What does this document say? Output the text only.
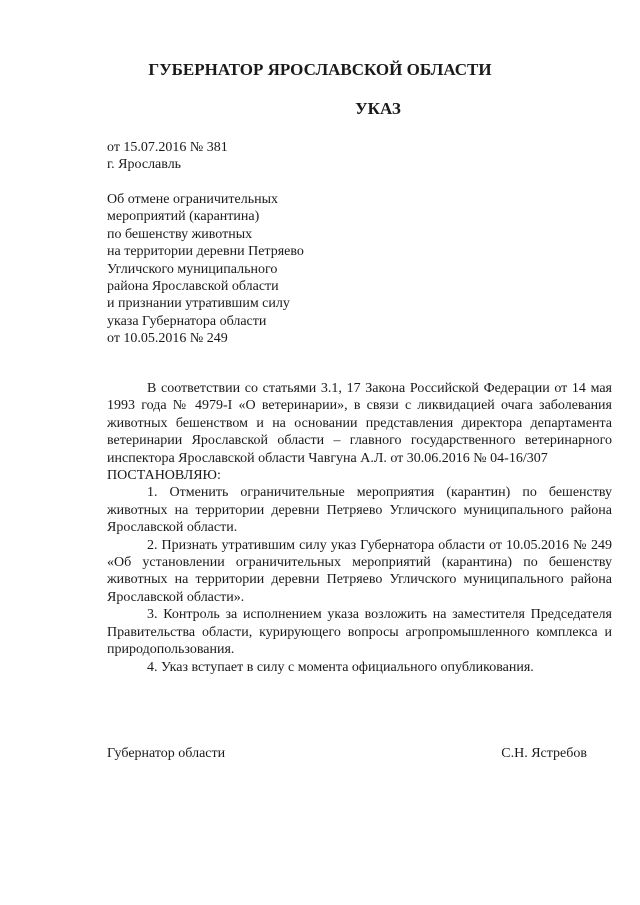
ГУБЕРНАТОР ЯРОСЛАВСКОЙ ОБЛАСТИ
УКАЗ
от 15.07.2016 № 381
г. Ярославль
Об отмене ограничительных
мероприятий (карантина)
по бешенству животных
на территории деревни Петряево
Угличского муниципального
района Ярославской области
и признании утратившим силу
указа Губернатора области
от 10.05.2016 № 249

В соответствии со статьями 3.1, 17 Закона Российской Федерации от 14 мая 1993 года № 4979-I «О ветеринарии», в связи с ликвидацией очага заболевания животных бешенством и на основании представления директора департамента ветеринарии Ярославской области – главного государственного ветеринарного инспектора Ярославской области Чавгуна А.Л. от 30.06.2016 № 04-16/307

ПОСТАНОВЛЯЮ:

1. Отменить ограничительные мероприятия (карантин) по бешенству животных на территории деревни Петряево Угличского муниципального района Ярославской области.

2. Признать утратившим силу указ Губернатора области от 10.05.2016 № 249 «Об установлении ограничительных мероприятий (карантина) по бешенству животных на территории деревни Петряево Угличского муниципального района Ярославской области».

3. Контроль за исполнением указа возложить на заместителя Председателя Правительства области, курирующего вопросы агропромышленного комплекса и природопользования.

4. Указ вступает в силу с момента официального опубликования.

Губернатор области	С.Н. Ястребов
